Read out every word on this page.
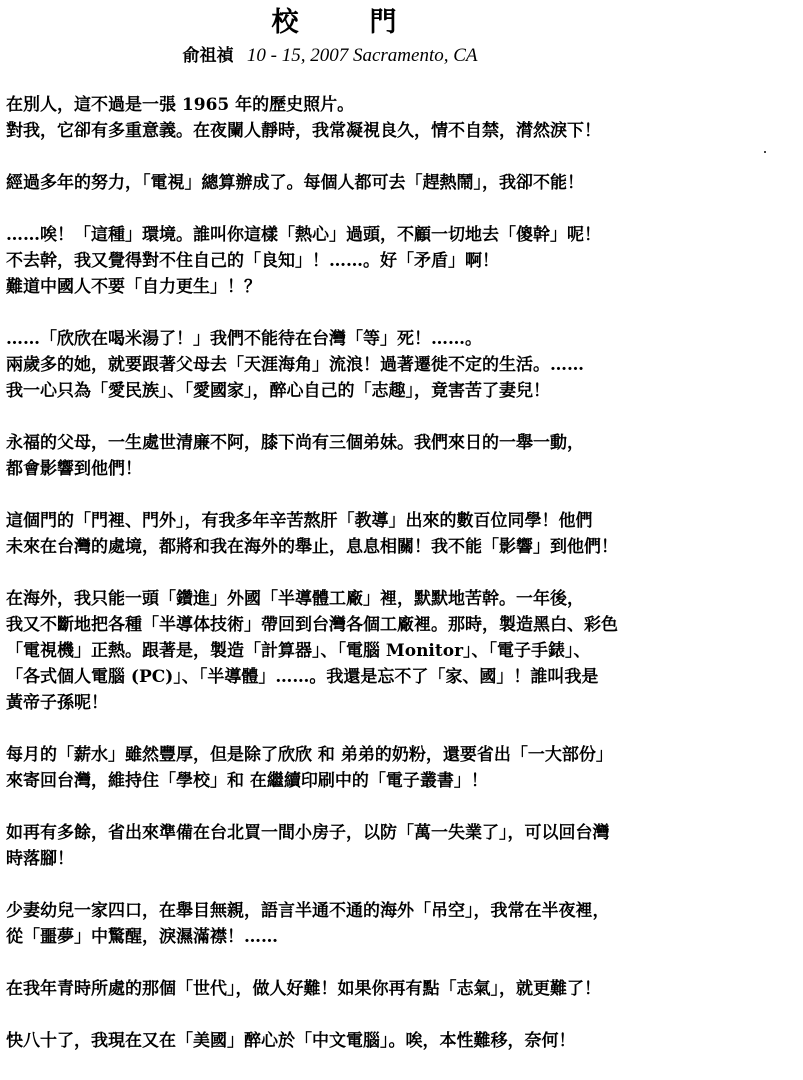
校　門
俞祖禎 10 - 15, 2007 Sacramento, CA
在別人，這不過是一張 1965 年的歷史照片。
對我，它卻有多重意義。在夜闌人靜時，我常凝視良久，情不自禁，潸然淚下！
經過多年的努力，「電視」總算辦成了。每個人都可去「趕熱鬧」，我卻不能！
……唉！「這種」環境。誰叫你這樣「熱心」過頭，不顧一切地去「傻幹」呢！
不去幹，我又覺得對不住自己的「良知」！……。好「矛盾」啊！
難道中國人不要「自力更生」！？
……「欣欣在喝米湯了！」我們不能待在台灣「等」死！……。
兩歲多的她，就要跟著父母去「天涯海角」流浪！過著遷徙不定的生活。……
我一心只為「愛民族」、「愛國家」，醉心自己的「志趣」，竟害苦了妻兒！
永福的父母，一生處世清廉不阿，膝下尚有三個弟妹。我們來日的一舉一動，
都會影響到他們！
這個門的「門裡、門外」，有我多年辛苦熬肝「教導」出來的數百位同學！他們
未來在台灣的處境，都將和我在海外的舉止，息息相關！我不能「影響」到他們！
在海外，我只能一頭「鑽進」外國「半導體工廠」裡，默默地苦幹。一年後，
我又不斷地把各種「半導体技術」帶回到台灣各個工廠裡。那時，製造黑白、彩色
「電視機」正熱。跟著是，製造「計算器」、「電腦 Monitor」、「電子手錶」、
「各式個人電腦 (PC)」、「半導體」……。我還是忘不了「家、國」！誰叫我是
黃帝子孫呢！
每月的「薪水」雖然豐厚，但是除了欣欣 和 弟弟的奶粉，還要省出「一大部份」
來寄回台灣，維持住「學校」和 在繼續印刷中的「電子叢書」！
如再有多餘，省出來準備在台北買一間小房子，以防「萬一失業了」，可以回台灣
時落腳！
少妻幼兒一家四口，在舉目無親，語言半通不通的海外「吊空」，我常在半夜裡，
從「噩夢」中驚醒，淚濕滿襟！……
在我年青時所處的那個「世代」，做人好難！如果你再有點「志氣」，就更難了！
快八十了，我現在又在「美國」醉心於「中文電腦」。唉，本性難移，奈何！
